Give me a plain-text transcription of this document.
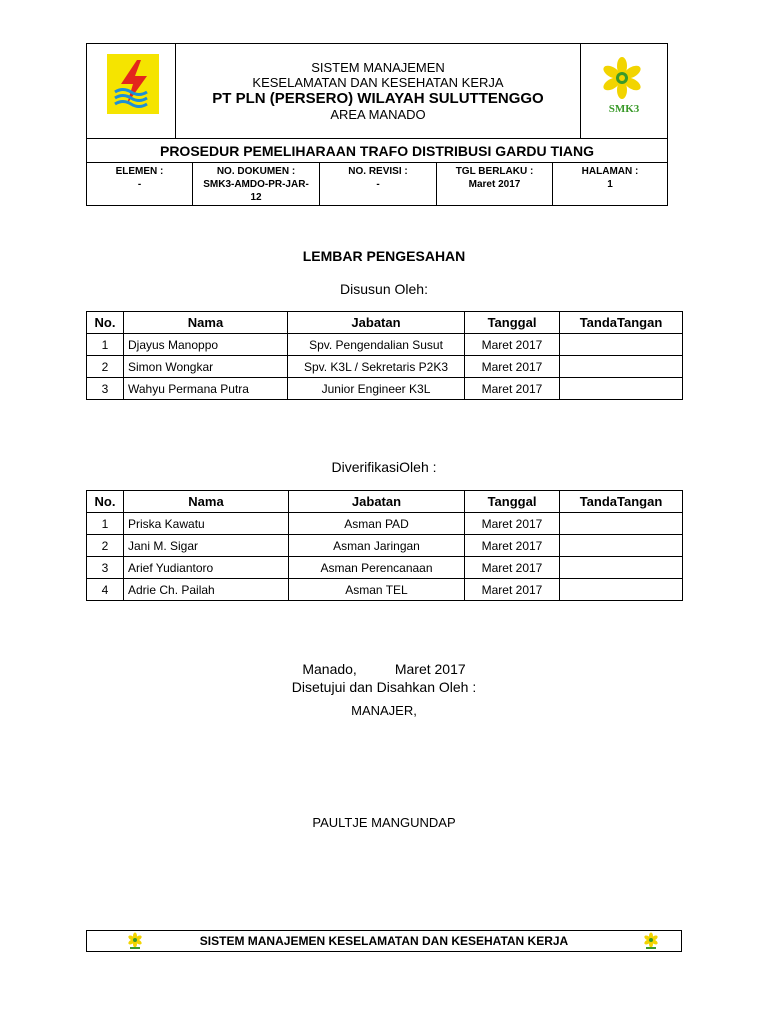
SISTEM MANAJEMEN
KESELAMATAN DAN KESEHATAN KERJA
PT PLN (PERSERO) WILAYAH SULUTTENGGO
AREA MANADO	SMK3
PROSEDUR PEMELIHARAAN TRAFO DISTRIBUSI GARDU TIANG
ELEMEN :
-
NO. DOKUMEN :
SMK3-AMDO-PR-JAR-12
NO. REVISI :
-
TGL BERLAKU :
Maret 2017
HALAMAN :
1
LEMBAR PENGESAHAN
Disusun Oleh:
No.	Nama	Jabatan	Tanggal	TandaTangan
1	Djayus Manoppo	Spv. Pengendalian Susut	Maret 2017	
2	Simon Wongkar	Spv. K3L / Sekretaris P2K3	Maret 2017	
3	Wahyu Permana Putra	Junior Engineer K3L	Maret 2017	
DiverifikasiOleh :
No.	Nama	Jabatan	Tanggal	TandaTangan
1	Priska Kawatu	Asman PAD	Maret 2017	
2	Jani M. Sigar	Asman Jaringan	Maret 2017	
3	Arief Yudiantoro	Asman Perencanaan	Maret 2017	
4	Adrie Ch. Pailah	Asman TEL	Maret 2017	
Manado,	Maret 2017
Disetujui dan Disahkan Oleh :
MANAJER,
PAULTJE MANGUNDAP
SISTEM MANAJEMEN KESELAMATAN DAN KESEHATAN KERJA
